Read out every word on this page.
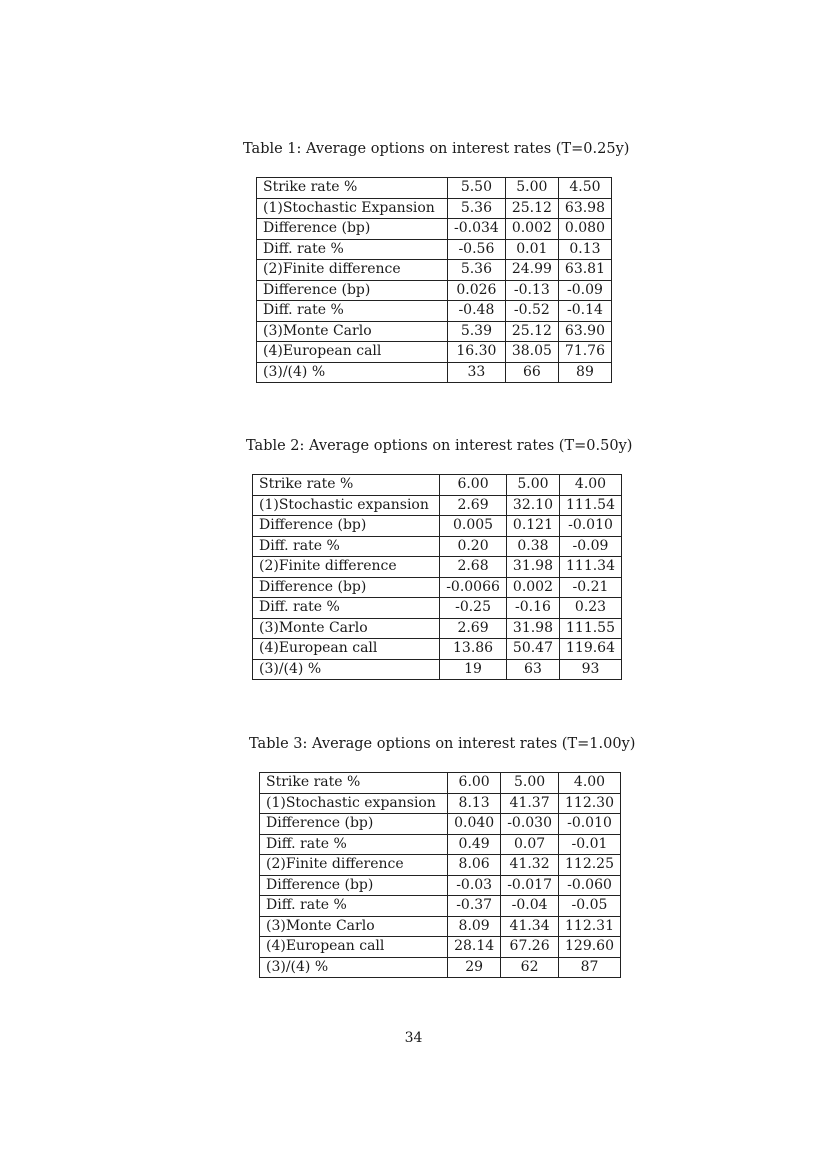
Table 1: Average options on interest rates (T=0.25y)
Strike rate %	5.50	5.00	4.50
(1)Stochastic Expansion	5.36	25.12	63.98
Difference (bp)	-0.034	0.002	0.080
Diff. rate %	-0.56	0.01	0.13
(2)Finite difference	5.36	24.99	63.81
Difference (bp)	0.026	-0.13	-0.09
Diff. rate %	-0.48	-0.52	-0.14
(3)Monte Carlo	5.39	25.12	63.90
(4)European call	16.30	38.05	71.76
(3)/(4) %	33	66	89
Table 2: Average options on interest rates (T=0.50y)
Strike rate %	6.00	5.00	4.00
(1)Stochastic expansion	2.69	32.10	111.54
Difference (bp)	0.005	0.121	-0.010
Diff. rate %	0.20	0.38	-0.09
(2)Finite difference	2.68	31.98	111.34
Difference (bp)	-0.0066	0.002	-0.21
Diff. rate %	-0.25	-0.16	0.23
(3)Monte Carlo	2.69	31.98	111.55
(4)European call	13.86	50.47	119.64
(3)/(4) %	19	63	93
Table 3: Average options on interest rates (T=1.00y)
Strike rate %	6.00	5.00	4.00
(1)Stochastic expansion	8.13	41.37	112.30
Difference (bp)	0.040	-0.030	-0.010
Diff. rate %	0.49	0.07	-0.01
(2)Finite difference	8.06	41.32	112.25
Difference (bp)	-0.03	-0.017	-0.060
Diff. rate %	-0.37	-0.04	-0.05
(3)Monte Carlo	8.09	41.34	112.31
(4)European call	28.14	67.26	129.60
(3)/(4) %	29	62	87
34
